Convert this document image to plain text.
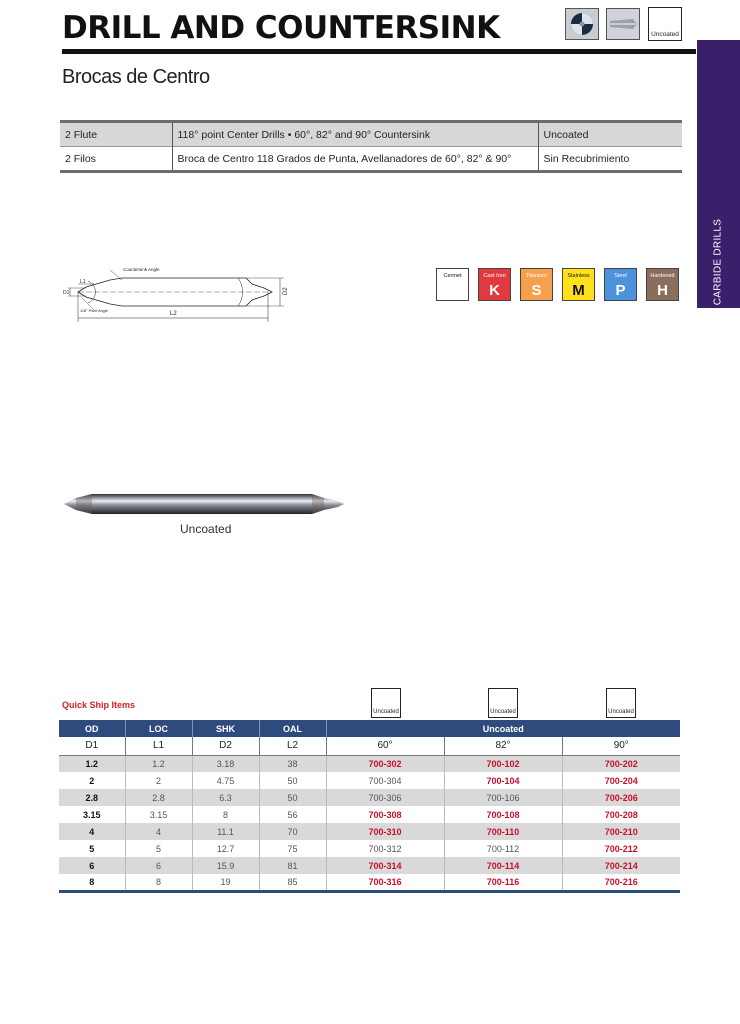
DRILL AND COUNTERSINK
Brocas de Centro
Uncoated
CARBIDE DRILLS
2 Flute	118° point Center Drills • 60°, 82° and 90° Countersink	Uncoated
2 Filos	Broca de Centro 118 Grados de Punta, Avellanadores de 60°, 82° & 90°	Sin Recubrimiento
Countersink Angle
118° Point Angle
L1
D1
L2
D2
Cermet	Cast Iron
K
Titanium
S
Stainless
M
Steel
P
Hardened
H
Uncoated
Quick Ship Items
Uncoated	Uncoated	Uncoated
OD	LOC	SHK	OAL	Uncoated		
D1	L1	D2	L2	60°	82°	90°
1.2	1.2	3.18	38	700-302	700-102	700-202
2	2	4.75	50	700-304	700-104	700-204
2.8	2.8	6.3	50	700-306	700-106	700-206
3.15	3.15	8	56	700-308	700-108	700-208
4	4	11.1	70	700-310	700-110	700-210
5	5	12.7	75	700-312	700-112	700-212
6	6	15.9	81	700-314	700-114	700-214
8	8	19	85	700-316	700-116	700-216
